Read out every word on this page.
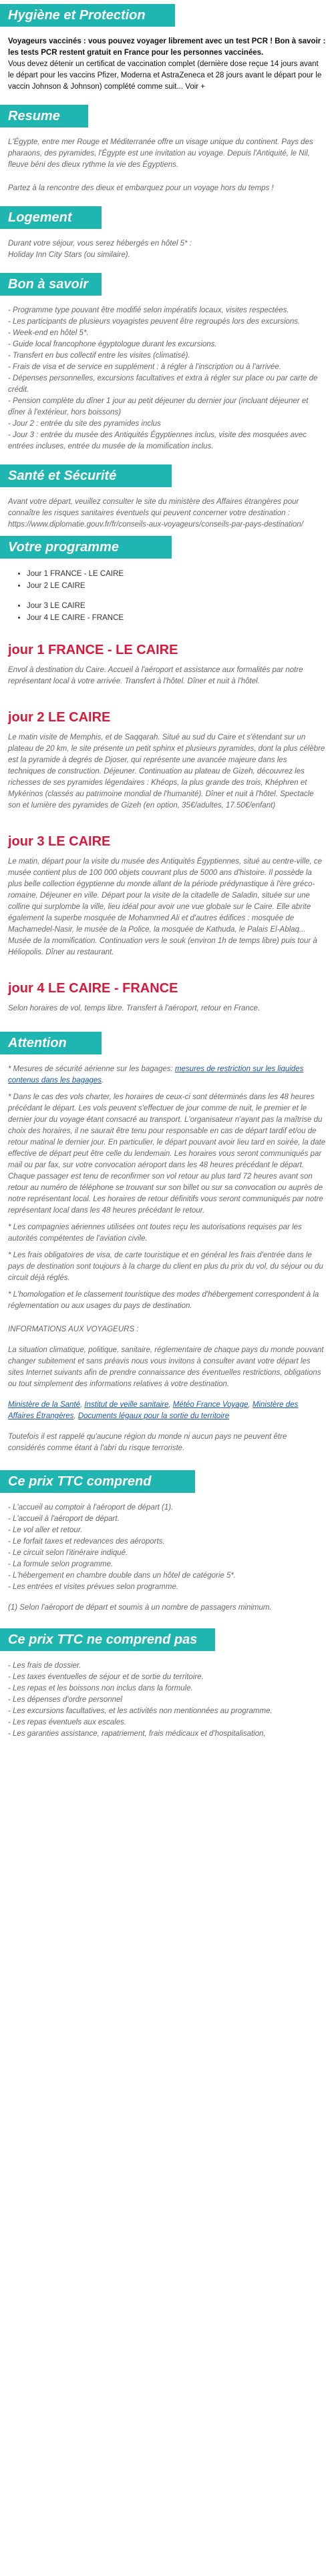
Hygiène et Protection

Voyageurs vaccinés : vous pouvez voyager librement avec un test PCR ! Bon à savoir : les tests PCR restent gratuit en France pour les personnes vaccinées.
Vous devez détenir un certificat de vaccination complet (dernière dose reçue 14 jours avant le départ pour les vaccins Pfizer, Moderna et AstraZeneca et 28 jours avant le départ pour le vaccin Johnson & Johnson) complété comme suit... Voir +

Resume

L'Égypte, entre mer Rouge et Méditerranée offre un visage unique du continent. Pays des pharaons, des pyramides, l'Égypte est une invitation au voyage. Depuis l'Antiquité, le Nil, fleuve béni des dieux rythme la vie des Égyptiens.

Partez à la rencontre des dieux et embarquez pour un voyage hors du temps !

Logement

Durant votre séjour, vous serez hébergés en hôtel 5* :
Holiday Inn City Stars (ou similaire).

Bon à savoir
- Programme type pouvant être modifié selon impératifs locaux, visites respectées.
- Les participants de plusieurs voyagistes peuvent être regroupés lors des excursions.
- Week-end en hôtel 5*.
- Guide local francophone égyptologue durant les excursions.
- Transfert en bus collectif entre les visites (climatisé).
- Frais de visa et de service en supplément : à régler à l'inscription ou à l'arrivée.
- Dépenses personnelles, excursions facultatives et extra à régler sur place ou par carte de crédit.
- Pension complète du dîner 1 jour au petit déjeuner du dernier jour (incluant déjeuner et dîner à l'extérieur, hors boissons)
- Jour 2 : entrée du site des pyramides inclus
- Jour 3 : entrée du musée des Antiquités Égyptiennes inclus, visite des mosquées avec entrées incluses, entrée du musée de la momification inclus.
Santé et Sécurité

Avant votre départ, veuillez consulter le site du ministère des Affaires étrangères pour connaître les risques sanitaires éventuels qui peuvent concerner votre destination : https://www.diplomatie.gouv.fr/fr/conseils-aux-voyageurs/conseils-par-pays-destination/

Votre programme
• Jour 1 FRANCE - LE CAIRE
• Jour 2 LE CAIRE
• Jour 3 LE CAIRE
• Jour 4 LE CAIRE - FRANCE
jour 1 FRANCE - LE CAIRE

Envol à destination du Caire. Accueil à l'aéroport et assistance aux formalités par notre représentant local à votre arrivée. Transfert à l'hôtel. Dîner et nuit à l'hôtel.

jour 2 LE CAIRE

Le matin visite de Memphis, et de Saqqarah. Situé au sud du Caire et s'étendant sur un plateau de 20 km, le site présente un petit sphinx et plusieurs pyramides, dont la plus célèbre est la pyramide à degrés de Djoser, qui représente une avancée majeure dans les techniques de construction. Déjeuner. Continuation au plateau de Gizeh, découvrez les richesses de ses pyramides légendaires : Khéops, la plus grande des trois, Khéphren et Mykérinos (classés au patrimoine mondial de l'humanité). Dîner et nuit à l'hôtel. Spectacle son et lumière des pyramides de Gizeh (en option, 35€/adultes, 17.50€/enfant)

jour 3 LE CAIRE

Le matin, départ pour la visite du musée des Antiquités Égyptiennes, situé au centre-ville, ce musée contient plus de 100 000 objets couvrant plus de 5000 ans d'histoire. Il possède la plus belle collection égyptienne du monde allant de la période prédynastique à l'ère gréco-romaine. Déjeuner en ville. Départ pour la visite de la citadelle de Saladin, située sur une colline qui surplombe la ville, lieu idéal pour avoir une vue globale sur le Caire. Elle abrite également la superbe mosquée de Mohammed Ali et d'autres édifices : mosquée de Machamedel-Nasir, le musée de la Police, la mosquée de Kathuda, le Palais El-Ablaq... Musée de la momification. Continuation vers le souk (environ 1h de temps libre) puis tour à Héliopolis. Dîner au restaurant.

jour 4 LE CAIRE - FRANCE

Selon horaires de vol, temps libre. Transfert à l'aéroport, retour en France.

Attention

* Mesures de sécurité aérienne sur les bagages: mesures de restriction sur les liquides contenus dans les bagages.

* Dans le cas des vols charter, les horaires de ceux-ci sont déterminés dans les 48 heures précédant le départ. Les vols peuvent s'effectuer de jour comme de nuit, le premier et le dernier jour du voyage étant consacré au transport. L'organisateur n'ayant pas la maîtrise du choix des horaires, il ne saurait être tenu pour responsable en cas de départ tardif et/ou de retour matinal le dernier jour. En particulier, le départ pouvant avoir lieu tard en soirée, la date effective de départ peut être celle du lendemain. Les horaires vous seront communiqués par mail ou par fax, sur votre convocation aéroport dans les 48 heures précédant le départ. Chaque passager est tenu de reconfirmer son vol retour au plus tard 72 heures avant son retour au numéro de téléphone se trouvant sur son billet ou sur sa convocation ou auprès de notre représentant local. Les horaires de retour définitifs vous seront communiqués par notre représentant local dans les 48 heures précédant le retour.

* Les compagnies aériennes utilisées ont toutes reçu les autorisations requises par les autorités compétentes de l'aviation civile.

* Les frais obligatoires de visa, de carte touristique et en général les frais d'entrée dans le pays de destination sont toujours à la charge du client en plus du prix du vol, du séjour ou du circuit déjà réglés.

* L'homologation et le classement touristique des modes d'hébergement correspondent à la réglementation ou aux usages du pays de destination.

INFORMATIONS AUX VOYAGEURS :

La situation climatique, politique, sanitaire, réglementaire de chaque pays du monde pouvant changer subitement et sans préavis nous vous invitons à consulter avant votre départ les sites Internet suivants afin de prendre connaissance des éventuelles restrictions, obligations ou tout simplement des informations relatives à votre destination.

Ministère de la Santé, Institut de veille sanitaire, Météo France Voyage, Ministère des Affaires Étrangères, Documents légaux pour la sortie du territoire

Toutefois il est rappelé qu'aucune région du monde ni aucun pays ne peuvent être considérés comme étant à l'abri du risque terroriste.

Ce prix TTC comprend
- L'accueil au comptoir à l'aéroport de départ (1).
- L'accueil à l'aéroport de départ.
- Le vol aller et retour.
- Le forfait taxes et redevances des aéroports.
- Le circuit selon l'itinéraire indiqué.
- La formule selon programme.
- L'hébergement en chambre double dans un hôtel de catégorie 5*.
- Les entrées et visites prévues selon programme.

(1) Selon l'aéroport de départ et soumis à un nombre de passagers minimum.

Ce prix TTC ne comprend pas
- Les frais de dossier.
- Les taxes éventuelles de séjour et de sortie du territoire.
- Les repas et les boissons non inclus dans la formule.
- Les dépenses d'ordre personnel
- Les excursions facultatives, et les activités non mentionnées au programme.
- Les repas éventuels aux escales.
- Les garanties assistance, rapatriement, frais médicaux et d'hospitalisation,
